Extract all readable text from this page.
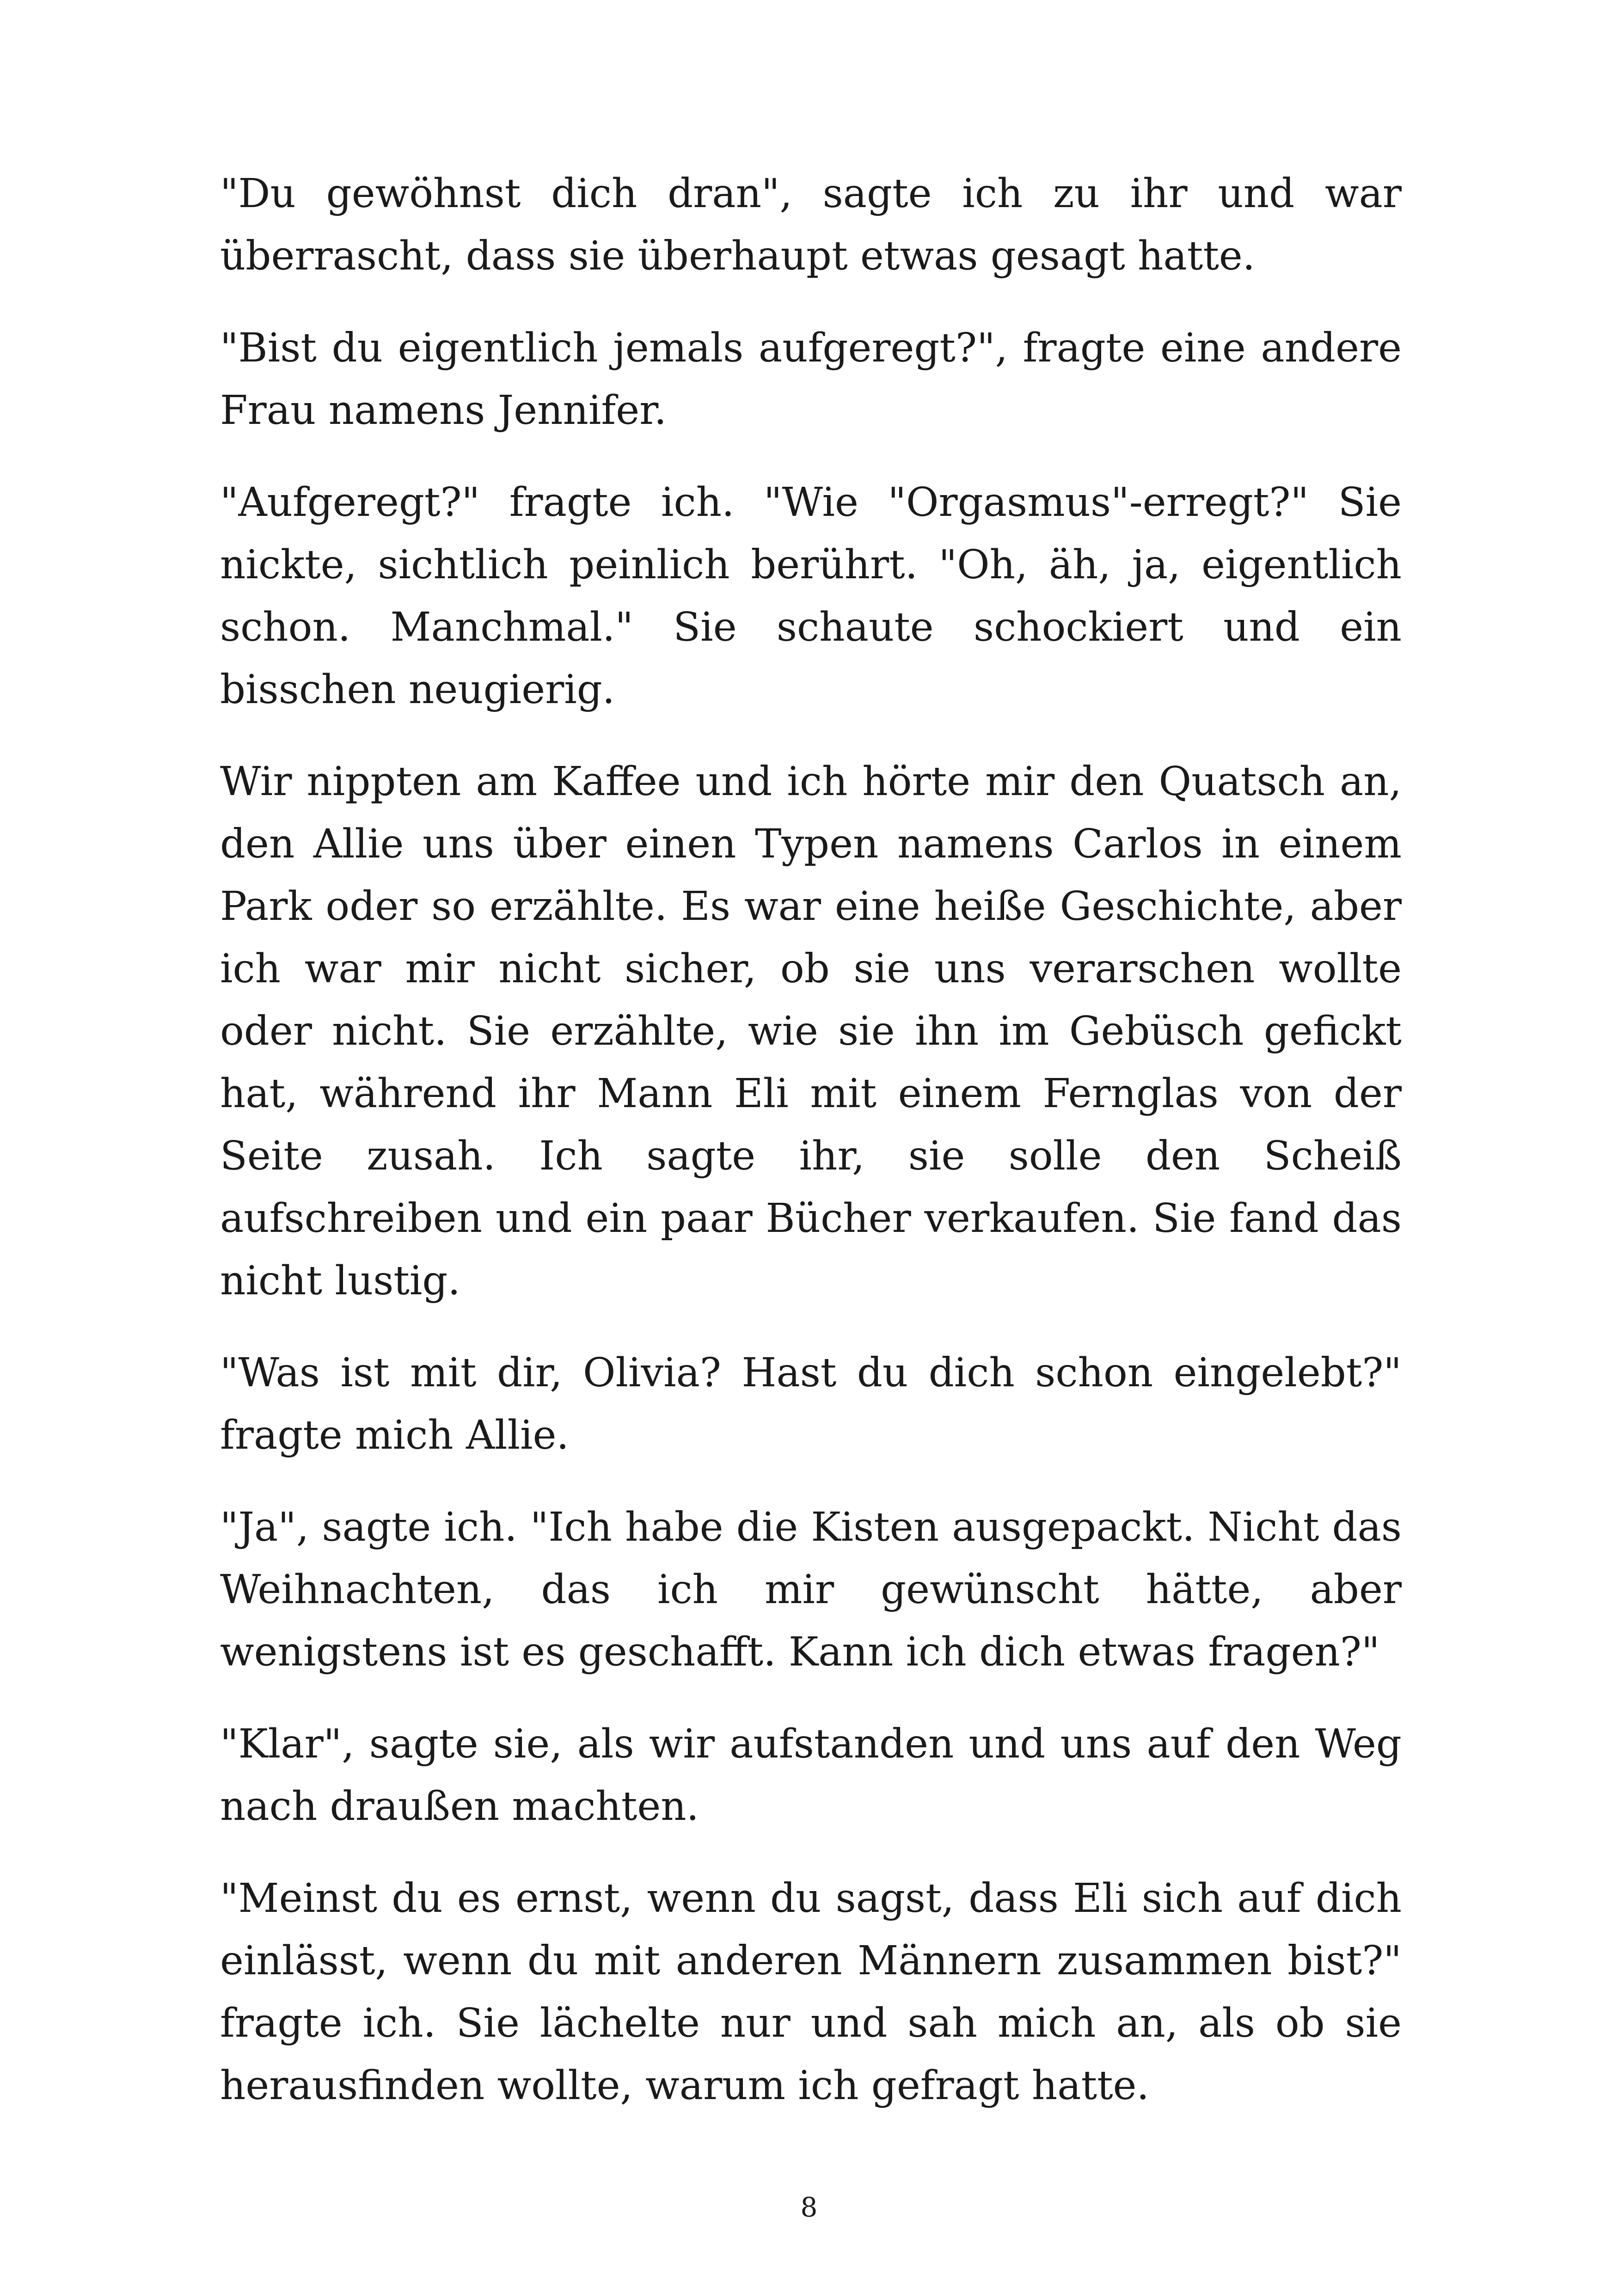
"Du gewöhnst dich dran", sagte ich zu ihr und war überrascht, dass sie überhaupt etwas gesagt hatte.

"Bist du eigentlich jemals aufgeregt?", fragte eine andere Frau namens Jennifer.

"Aufgeregt?" fragte ich. "Wie "Orgasmus"-erregt?" Sie nickte, sichtlich peinlich berührt. "Oh, äh, ja, eigentlich schon. Manchmal." Sie schaute schockiert und ein bisschen neugierig.

Wir nippten am Kaffee und ich hörte mir den Quatsch an, den Allie uns über einen Typen namens Carlos in einem Park oder so erzählte. Es war eine heiße Geschichte, aber ich war mir nicht sicher, ob sie uns verarschen wollte oder nicht. Sie erzählte, wie sie ihn im Gebüsch gefickt hat, während ihr Mann Eli mit einem Fernglas von der Seite zusah. Ich sagte ihr, sie solle den Scheiß aufschreiben und ein paar Bücher verkaufen. Sie fand das nicht lustig.

"Was ist mit dir, Olivia? Hast du dich schon eingelebt?" fragte mich Allie.

"Ja", sagte ich. "Ich habe die Kisten ausgepackt. Nicht das Weihnachten, das ich mir gewünscht hätte, aber wenigstens ist es geschafft. Kann ich dich etwas fragen?"

"Klar", sagte sie, als wir aufstanden und uns auf den Weg nach draußen machten.

"Meinst du es ernst, wenn du sagst, dass Eli sich auf dich einlässt, wenn du mit anderen Männern zusammen bist?" fragte ich. Sie lächelte nur und sah mich an, als ob sie herausfinden wollte, warum ich gefragt hatte.

8
